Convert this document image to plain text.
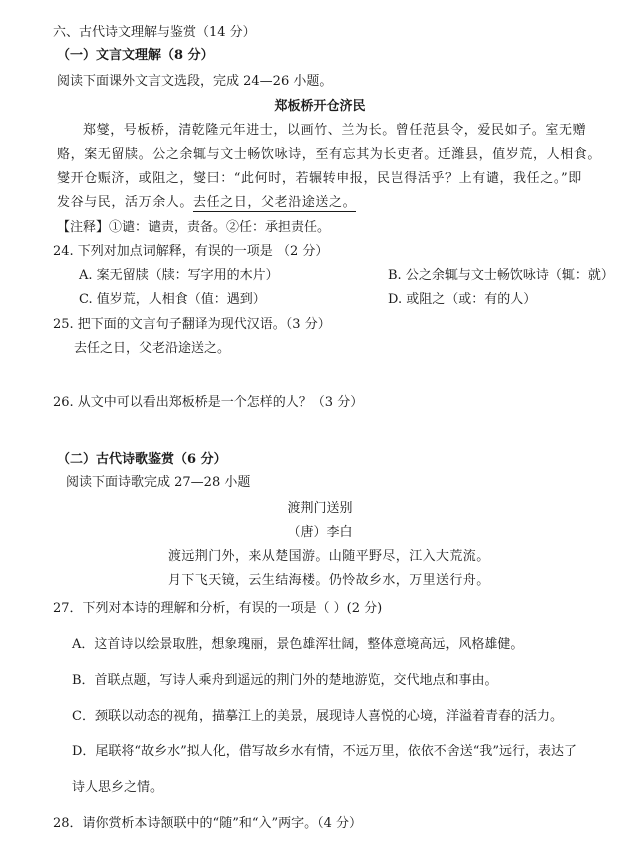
六、古代诗文理解与鉴赏（14 分）
（一）文言文理解（8 分）
阅读下面课外文言文选段，完成 24—26 小题。
郑板桥开仓济民
郑燮，号板桥，清乾隆元年进士，以画竹、兰为长。曾任范县令，爱民如子。室无赠
赂，案无留牍。公之余辄与文士畅饮咏诗，至有忘其为长吏者。迁潍县，值岁荒，人相食。
燮开仓赈济，或阻之，燮曰：“此何时，若辗转申报，民岂得活乎？上有谴，我任之。”即
发谷与民，活万余人。去任之日，父老沿途送之。
【注释】①谴：谴责，责备。②任：承担责任。
24. 下列对加点词解释，有误的一项是 （2 分）
A. 案无留牍（牍：写字用的木片）	B. 公之余辄与文士畅饮咏诗（辄：就）
C. 值岁荒，人相食（值：遇到）	D. 或阻之（或：有的人）
25. 把下面的文言句子翻译为现代汉语。（3 分）
去任之日，父老沿途送之。
26. 从文中可以看出郑板桥是一个怎样的人？（3 分）
（二）古代诗歌鉴赏（6 分）
阅读下面诗歌完成 27—28 小题
渡荆门送别
（唐）李白
渡远荆门外，来从楚国游。山随平野尽，江入大荒流。
月下飞天镜，云生结海楼。仍怜故乡水，万里送行舟。
27．下列对本诗的理解和分析，有误的一项是（ ）(2 分)
A．这首诗以绘景取胜，想象瑰丽，景色雄浑壮阔，整体意境高远，风格雄健。
B．首联点题，写诗人乘舟到遥远的荆门外的楚地游览，交代地点和事由。
C．颈联以动态的视角，描摹江上的美景，展现诗人喜悦的心境，洋溢着青春的活力。
D．尾联将“故乡水”拟人化，借写故乡水有情，不远万里，依依不舍送“我”远行，表达了
诗人思乡之情。
28．请你赏析本诗颔联中的“随”和“入”两字。（4 分）
